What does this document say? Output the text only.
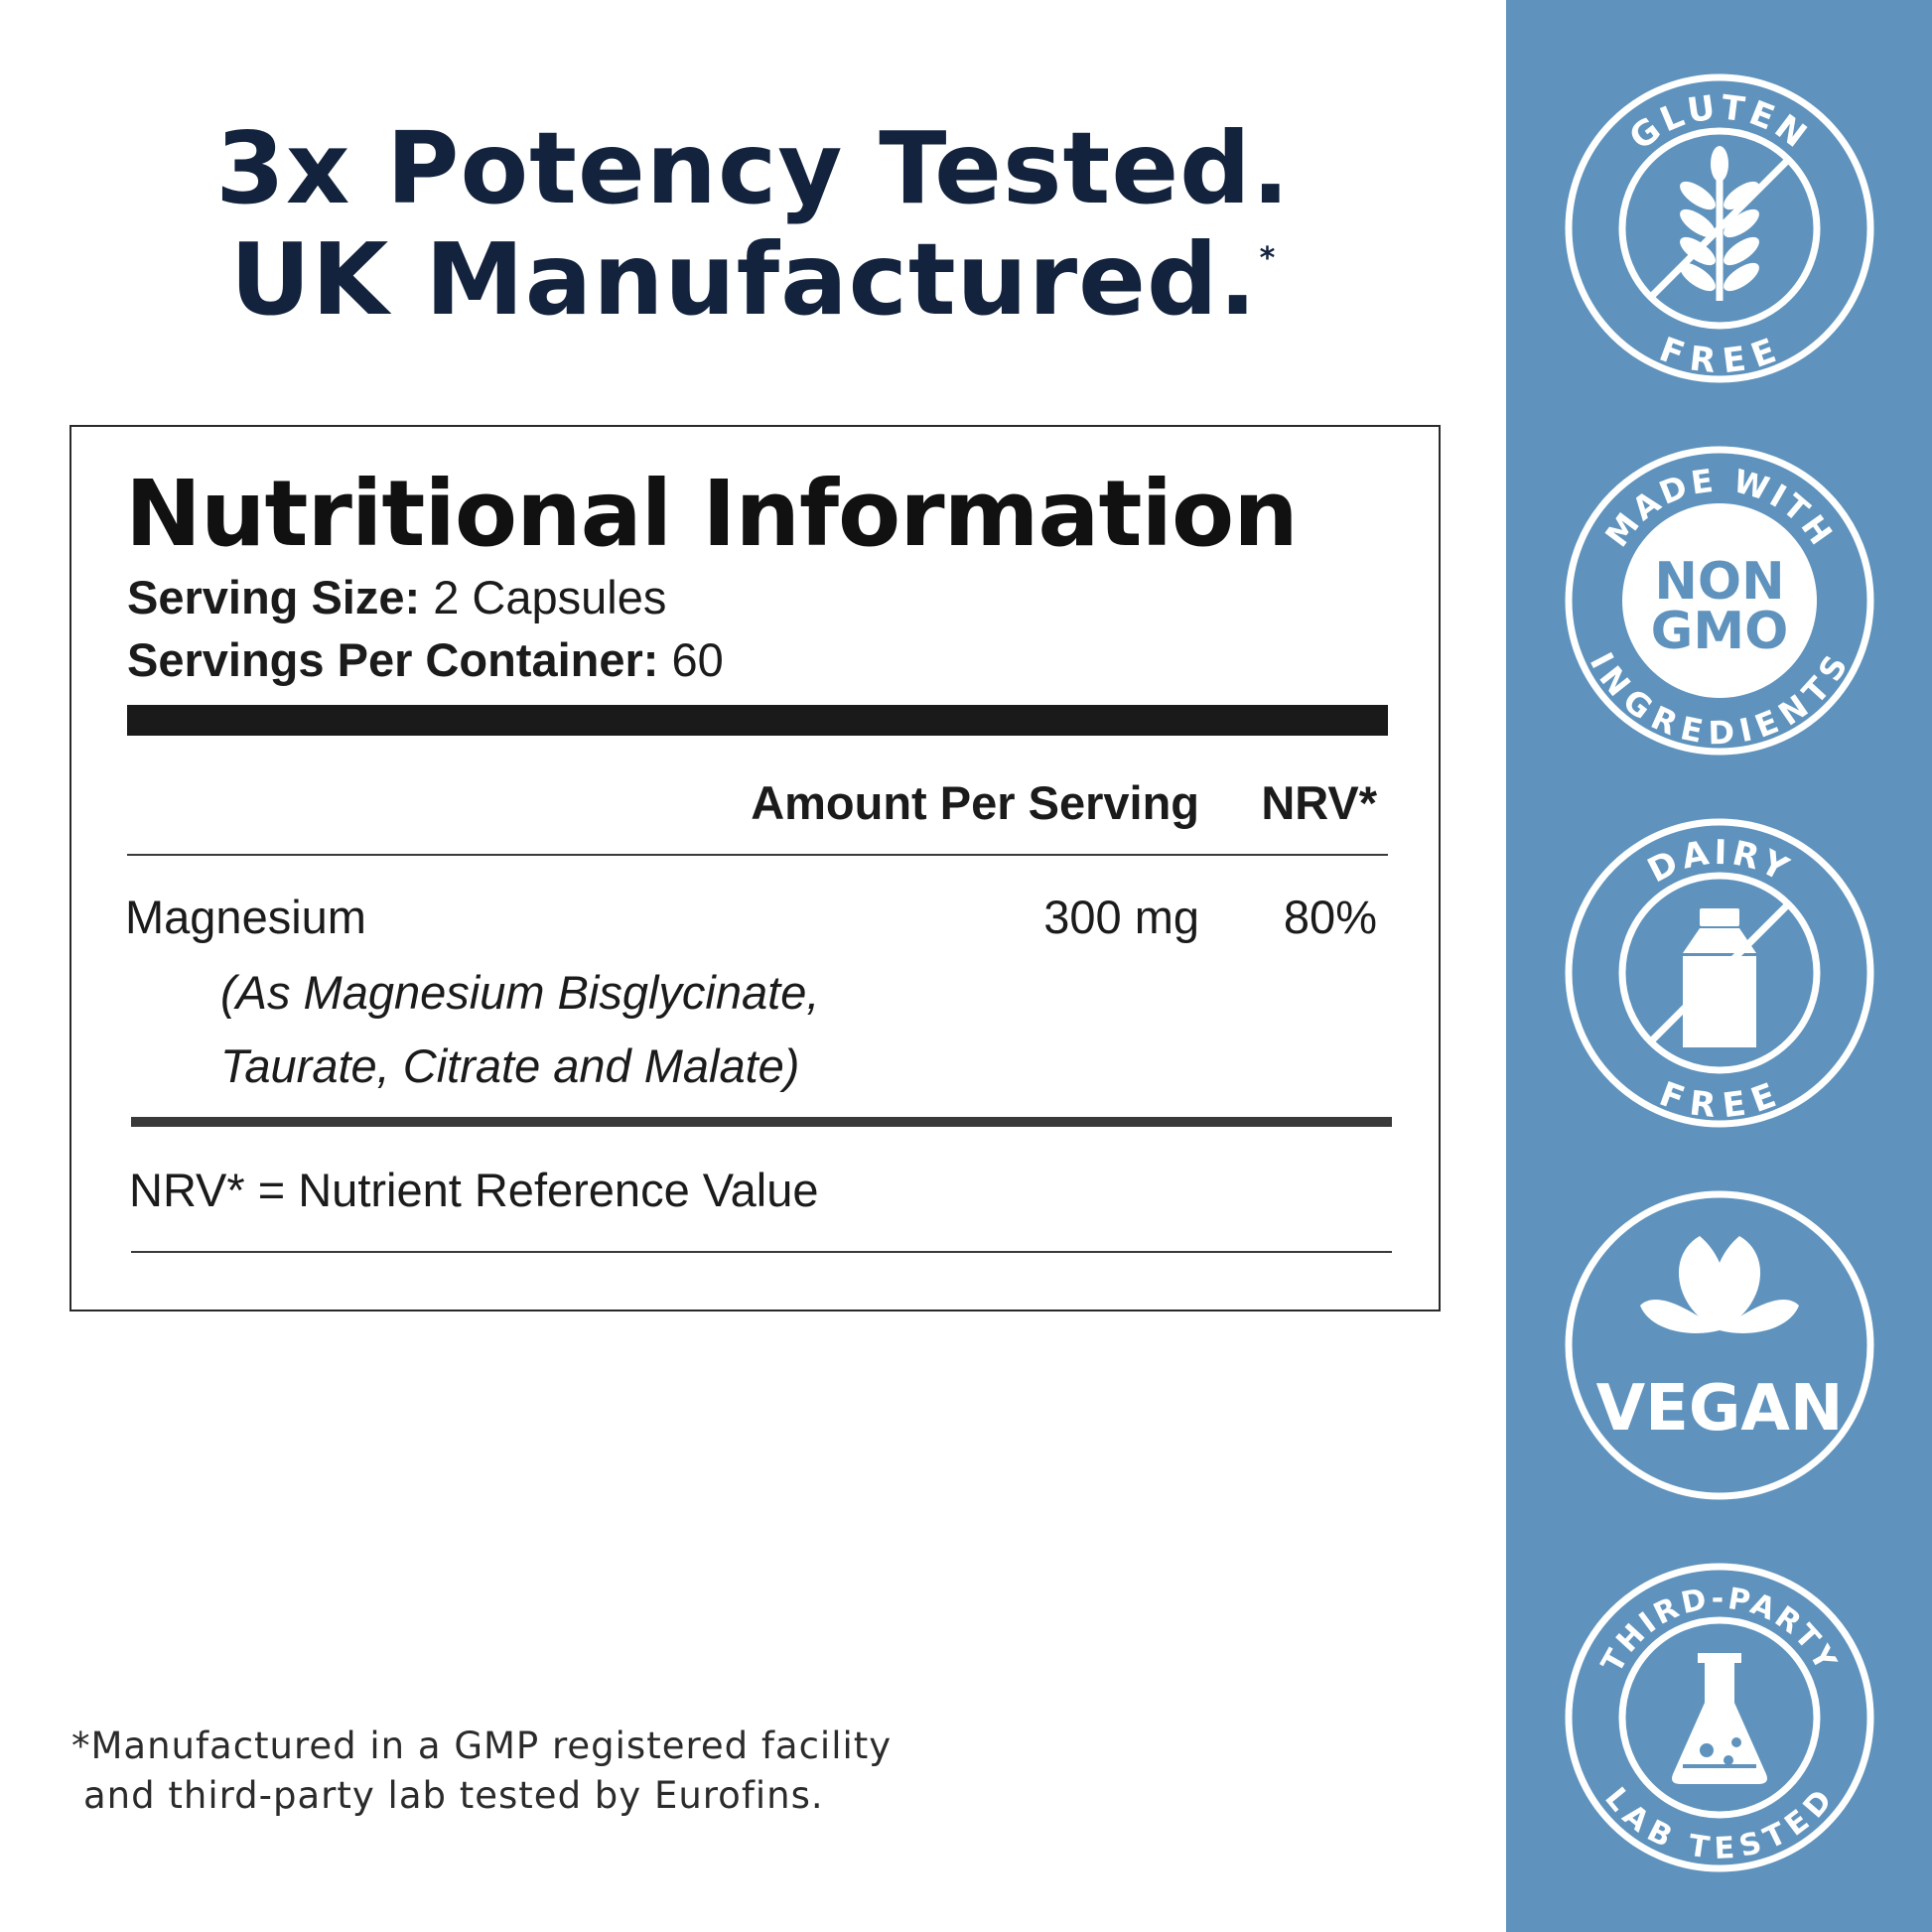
3x Potency Tested.
UK Manufactured.*
Nutritional Information
Serving Size: 2 Capsules
Servings Per Container: 60
Amount Per Serving NRV*
Magnesium	300 mg 80%
(As Magnesium Bisglycinate,
Taurate, Citrate and Malate)
NRV* = Nutrient Reference Value
*Manufactured in a GMP registered facility
and third-party lab tested by Eurofins.
GLUTEN
FREE
MADE WITH
INGREDIENTS
NON
GMO
DAIRY
FREE
VEGAN
THIRD-PARTY
LAB TESTED
